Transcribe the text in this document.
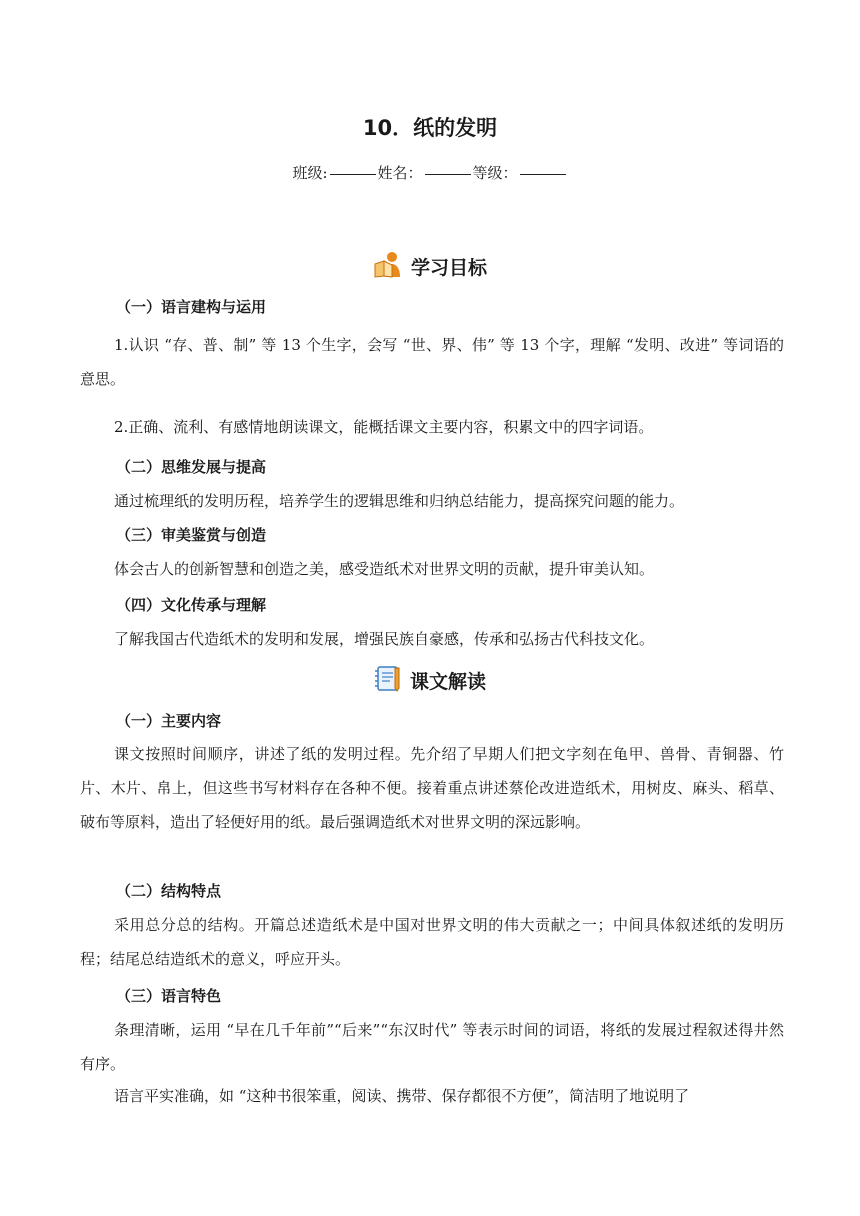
10．纸的发明
班级:	姓名：	等级：
学习目标
（一）语言建构与运用
1.认识 “存、普、制” 等 13 个生字，会写 “世、界、伟” 等 13 个字，理解 “发明、改进” 等词语的意思。
2.正确、流利、有感情地朗读课文，能概括课文主要内容，积累文中的四字词语。
（二）思维发展与提高
通过梳理纸的发明历程，培养学生的逻辑思维和归纳总结能力，提高探究问题的能力。
（三）审美鉴赏与创造
体会古人的创新智慧和创造之美，感受造纸术对世界文明的贡献，提升审美认知。
（四）文化传承与理解
了解我国古代造纸术的发明和发展，增强民族自豪感，传承和弘扬古代科技文化。
课文解读
（一）主要内容
课文按照时间顺序，讲述了纸的发明过程。先介绍了早期人们把文字刻在龟甲、兽骨、青铜器、竹片、木片、帛上，但这些书写材料存在各种不便。接着重点讲述蔡伦改进造纸术，用树皮、麻头、稻草、破布等原料，造出了轻便好用的纸。最后强调造纸术对世界文明的深远影响。
（二）结构特点
采用总分总的结构。开篇总述造纸术是中国对世界文明的伟大贡献之一；中间具体叙述纸的发明历程；结尾总结造纸术的意义，呼应开头。
（三）语言特色
条理清晰，运用 “早在几千年前”“后来”“东汉时代” 等表示时间的词语，将纸的发展过程叙述得井然有序。
语言平实准确，如 “这种书很笨重，阅读、携带、保存都很不方便”，简洁明了地说明了
